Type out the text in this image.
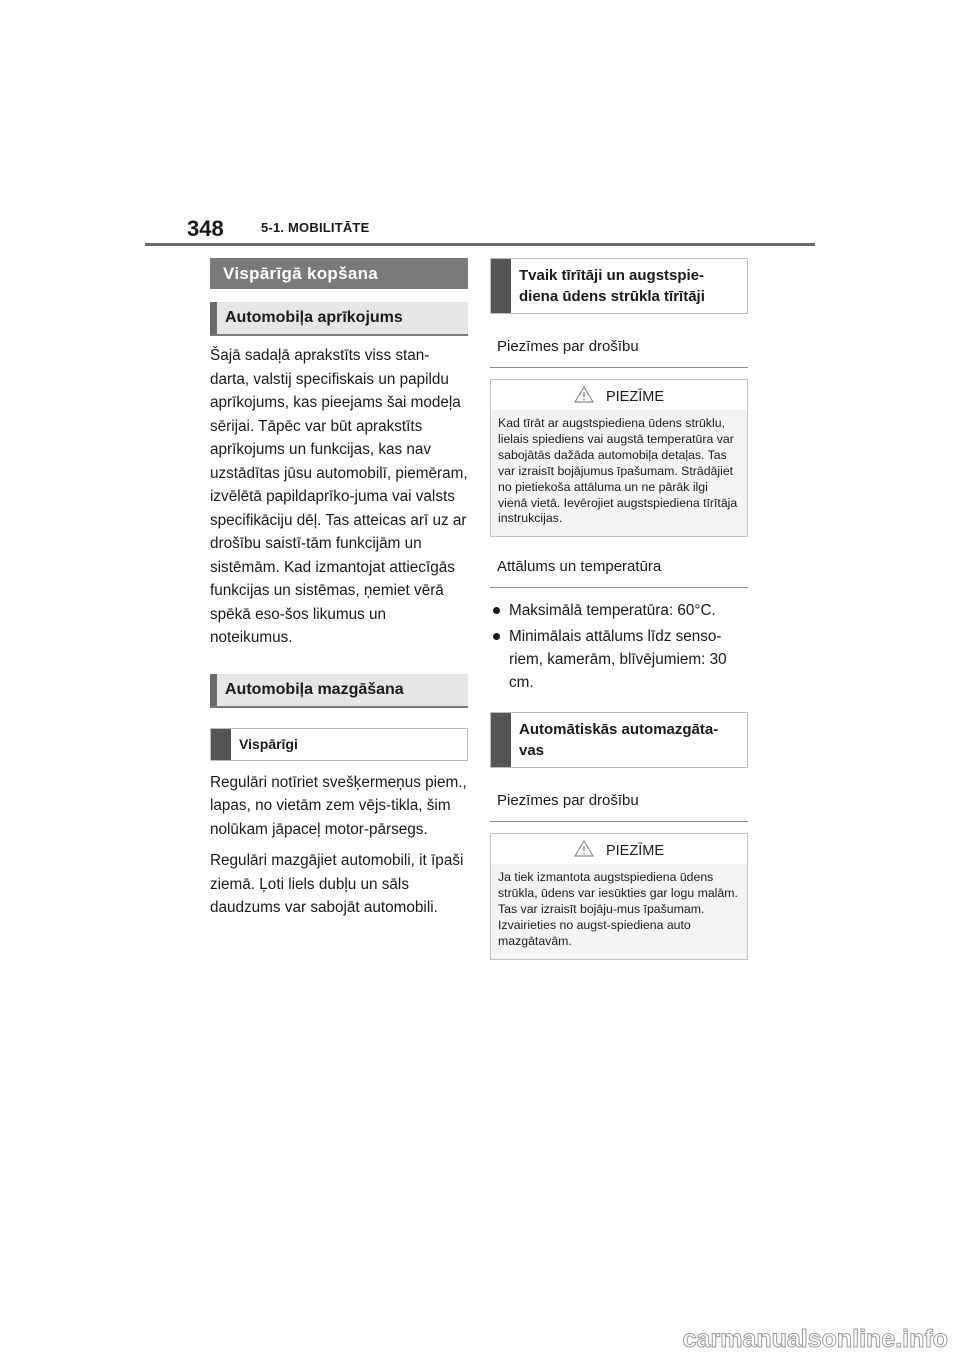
348	5-1. MOBILITĀTE
Vispārīgā kopšana
Automobiļa aprīkojums

Šajā sadaļā aprakstīts viss stan-darta, valstij specifiskais un papildu aprīkojums, kas pieejams šai modeļa sērijai. Tāpēc var būt aprakstīts aprīkojums un funkcijas, kas nav uzstādītas jūsu automobilī, piemēram, izvēlētā papildaprīko-juma vai valsts specifikāciju dēļ. Tas atteicas arī uz ar drošību saistī-tām funkcijām un sistēmām. Kad izmantojat attiecīgās funkcijas un sistēmas, ņemiet vērā spēkā eso-šos likumus un noteikumus.

Automobiļa mazgāšana
Vispārīgi

Regulāri notīriet svešķermeņus piem., lapas, no vietām zem vējs-tikla, šim nolūkam jāpaceļ motor-pārsegs.

Regulāri mazgājiet automobili, it īpaši ziemā. Ļoti liels dubļu un sāls daudzums var sabojāt automobili.

Tvaik tīrītāji un augstspie-diena ūdens strūkla tīrītāji
Piezīmes par drošību
PIEZĪME
Kad tīrāt ar augstspiediena ūdens strūklu, lielais spiediens vai augstā temperatūra var sabojātās dažāda automobiļa detaļas. Tas var izraisīt bojājumus īpašumam. Strādājiet no pietiekoša attāluma un ne pārāk ilgi vienā vietā. Ievērojiet augstspiediena tīrītāja instrukcijas.
Attālums un temperatūra
Maksimālā temperatūra: 60°C.
Minimālais attālums līdz senso-riem, kamerām, blīvējumiem: 30 cm.
Automātiskās automazgāta-vas
Piezīmes par drošību
PIEZĪME
Ja tiek izmantota augstspiediena ūdens strūkla, ūdens var iesūkties gar logu malām. Tas var izraisīt bojāju-mus īpašumam. Izvairieties no augst-spiediena auto mazgātavām.
carmanualsonline.info
